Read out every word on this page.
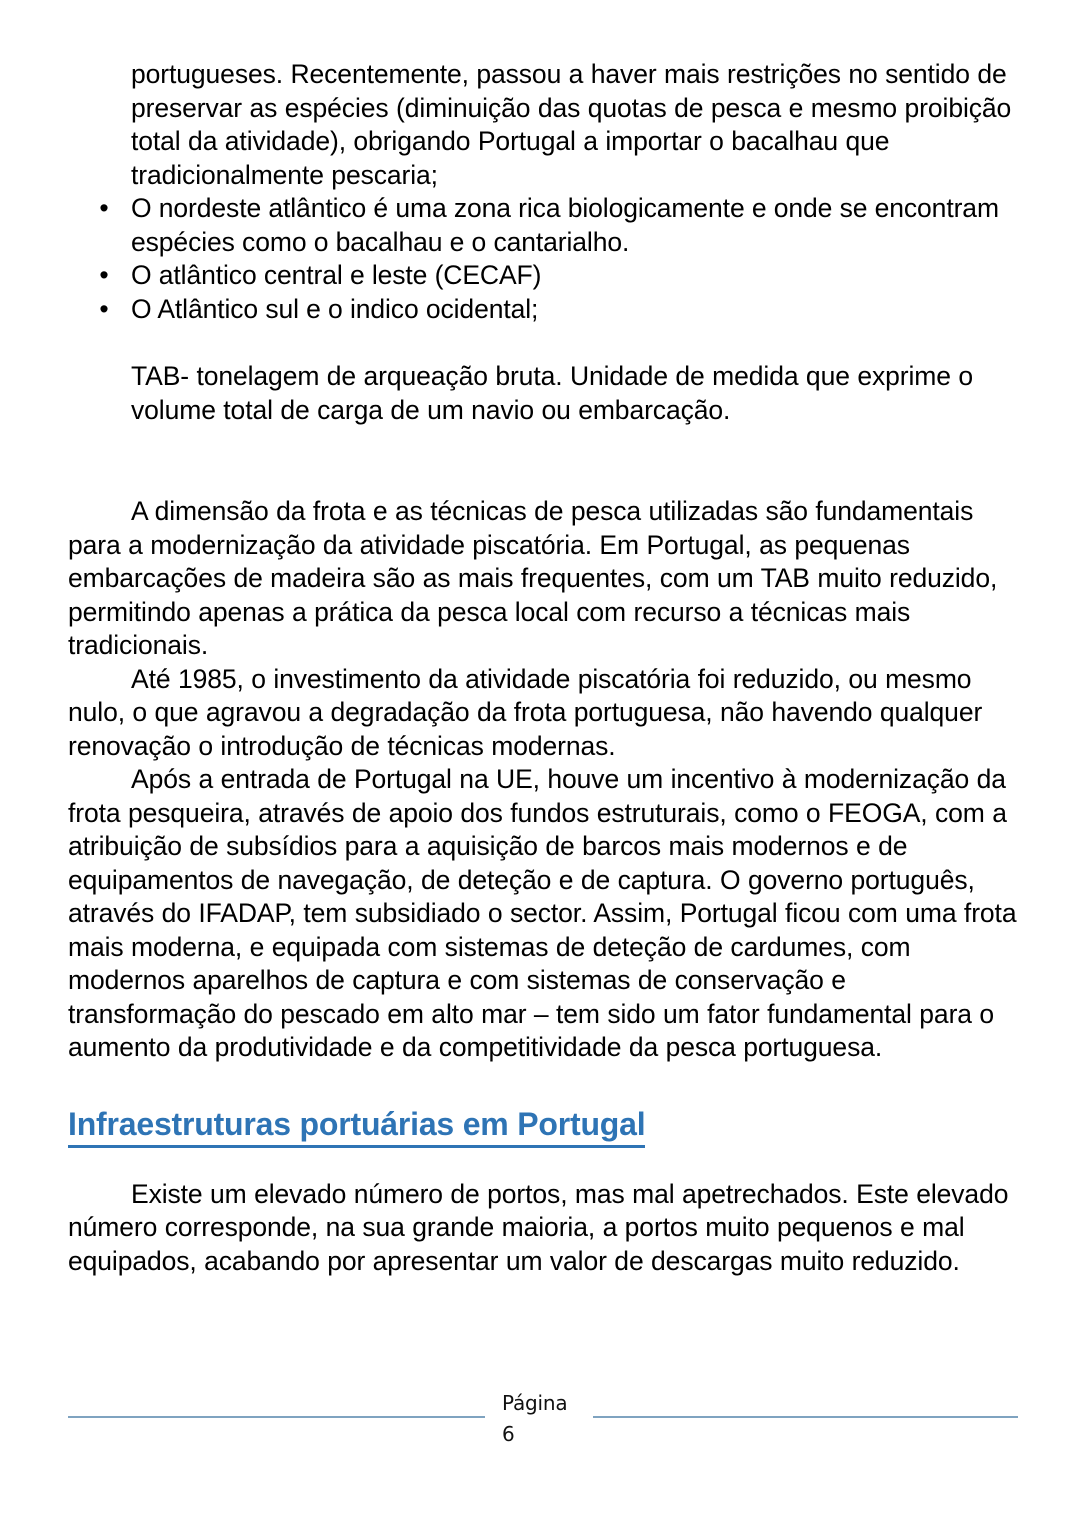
portugueses. Recentemente, passou a haver mais restrições no sentido de preservar as espécies (diminuição das quotas de pesca e mesmo proibição total da atividade), obrigando Portugal a importar o bacalhau que tradicionalmente pescaria;

• O nordeste atlântico é uma zona rica biologicamente e onde se encontram espécies como o bacalhau e o cantarialho.
• O atlântico central e leste (CECAF)
• O Atlântico sul e o indico ocidental;

TAB- tonelagem de arqueação bruta. Unidade de medida que exprime o volume total de carga de um navio ou embarcação.

A dimensão da frota e as técnicas de pesca utilizadas são fundamentais para a modernização da atividade piscatória. Em Portugal, as pequenas embarcações de madeira são as mais frequentes, com um TAB muito reduzido, permitindo apenas a prática da pesca local com recurso a técnicas mais tradicionais.

Até 1985, o investimento da atividade piscatória foi reduzido, ou mesmo nulo, o que agravou a degradação da frota portuguesa, não havendo qualquer renovação o introdução de técnicas modernas.

Após a entrada de Portugal na UE, houve um incentivo à modernização da frota pesqueira, através de apoio dos fundos estruturais, como o FEOGA, com a atribuição de subsídios para a aquisição de barcos mais modernos e de equipamentos de navegação, de deteção e de captura. O governo português, através do IFADAP, tem subsidiado o sector. Assim, Portugal ficou com uma frota mais moderna, e equipada com sistemas de deteção de cardumes, com modernos aparelhos de captura e com sistemas de conservação e transformação do pescado em alto mar – tem sido um fator fundamental para o aumento da produtividade e da competitividade da pesca portuguesa.

Infraestruturas portuárias em Portugal

Existe um elevado número de portos, mas mal apetrechados. Este elevado número corresponde, na sua grande maioria, a portos muito pequenos e mal equipados, acabando por apresentar um valor de descargas muito reduzido.

Página
6
